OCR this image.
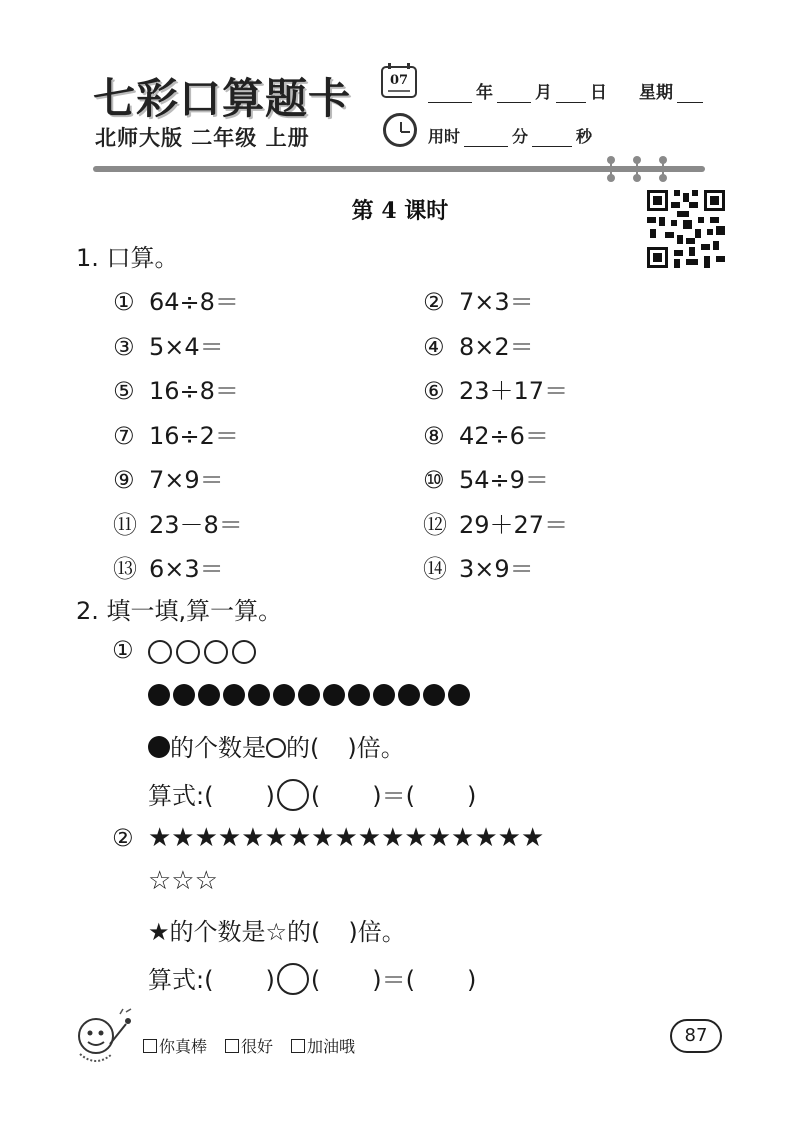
七彩口算题卡
北师大版 二年级 上册
07
年 月 日 星期
用时	分	秒
第 4 课时
1. 口算。
① 64÷8＝	② 7×3＝
③ 5×4＝	④ 8×2＝
⑤ 16÷8＝	⑥ 23＋17＝
⑦ 16÷2＝	⑧ 42÷6＝
⑨ 7×9＝	⑩ 54÷9＝
⑪ 23－8＝	⑫ 29＋27＝
⑬ 6×3＝	⑭ 3×9＝
2. 填一填,算一算。
①
的个数是 的( )倍。
算式:( ) ( )＝( )
② ★★★★★★★★★★★★★★★★★
☆☆☆
★的个数是☆的( )倍。
算式:( ) ( )＝( )
你真棒	很好	加油哦
87
